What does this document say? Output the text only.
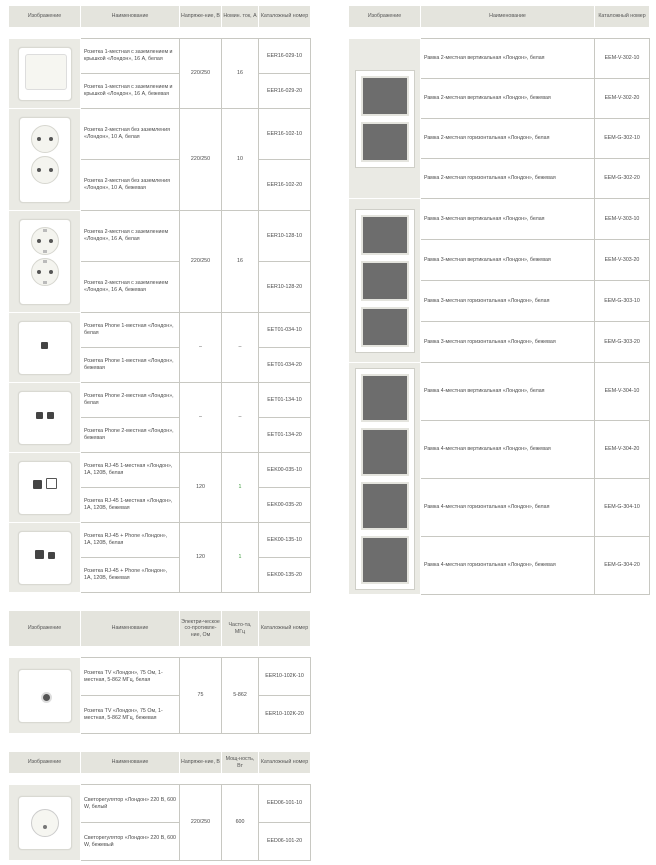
Изображение	Наименование	Напряже-ние, В	Номин. ток, А	Каталожный номер

	Розетка 1-местная с заземлением и крышкой «Лондон», 16 А, белая	220/250	16	EER16-029-10
	Розетка 1-местная с заземлением и крышкой «Лондон», 16 А, бежевая			EER16-029-20

	Розетка 2-местная без заземления «Лондон», 10 А, белая	220/250	10	EER16-102-10
	Розетка 2-местная без заземления «Лондон», 10 А, бежевая			EER16-102-20

	Розетка 2-местная с заземлением «Лондон», 16 А, белая	220/250	16	EER10-128-10
	Розетка 2-местная с заземлением «Лондон», 16 А, бежевая			EER10-128-20

	Розетка Phone 1-местная «Лондон», белая	–	–	EET01-034-10
	Розетка Phone 1-местная «Лондон», бежевая			EET01-034-20

	Розетка Phone 2-местная «Лондон», белая	–	–	EET01-134-10
	Розетка Phone 2-местная «Лондон», бежевая			EET01-134-20

	Розетка RJ-45 1-местная «Лондон», 1А, 120В, белая	120	1	EEK00-035-10
	Розетка RJ-45 1-местная «Лондон», 1А, 120В, бежевая			EEK00-035-20

	Розетка RJ-45 + Phone «Лондон», 1А, 120В, белая	120	1	EEK00-135-10
	Розетка RJ-45 + Phone «Лондон», 1А, 120В, бежевая			EEK00-135-20
Изображение	Наименование	Каталожный номер

	Рамка 2-местная вертикальная «Лондон», белая	EEM-V-302-10
	Рамка 2-местная вертикальная «Лондон», бежевая	EEM-V-302-20
	Рамка 2-местная горизонтальная «Лондон», белая	EEM-G-302-10
	Рамка 2-местная горизонтальная «Лондон», бежевая	EEM-G-302-20

	Рамка 3-местная вертикальная «Лондон», белая	EEM-V-303-10
	Рамка 3-местная вертикальная «Лондон», бежевая	EEM-V-303-20
	Рамка 3-местная горизонтальная «Лондон», белая	EEM-G-303-10
	Рамка 3-местная горизонтальная «Лондон», бежевая	EEM-G-303-20

	Рамка 4-местная вертикальная «Лондон», белая	EEM-V-304-10
	Рамка 4-местная вертикальная «Лондон», бежевая	EEM-V-304-20
	Рамка 4-местная горизонтальная «Лондон», белая	EEM-G-304-10
	Рамка 4-местная горизонтальная «Лондон», бежевая	EEM-G-304-20
Изображение	Наименование	Электри-ческое со-противле-ние, Ом	Часто-та, МГц	Каталожный номер

	Розетка TV «Лондон», 75 Ом, 1-местная, 5-862 МГц, белая	75	5-862	EER10-102K-10
	Розетка TV «Лондон», 75 Ом, 1-местная, 5-862 МГц, бежевая			EER10-102K-20
Изображение	Наименование	Напряже-ние, В	Мощ-ность, Вт	Каталожный номер

	Светорегулятор «Лондон» 220 В, 600 W, белый	220/250	600	EED06-101-10
	Светорегулятор «Лондон» 220 В, 600 W, бежевый			EED06-101-20
